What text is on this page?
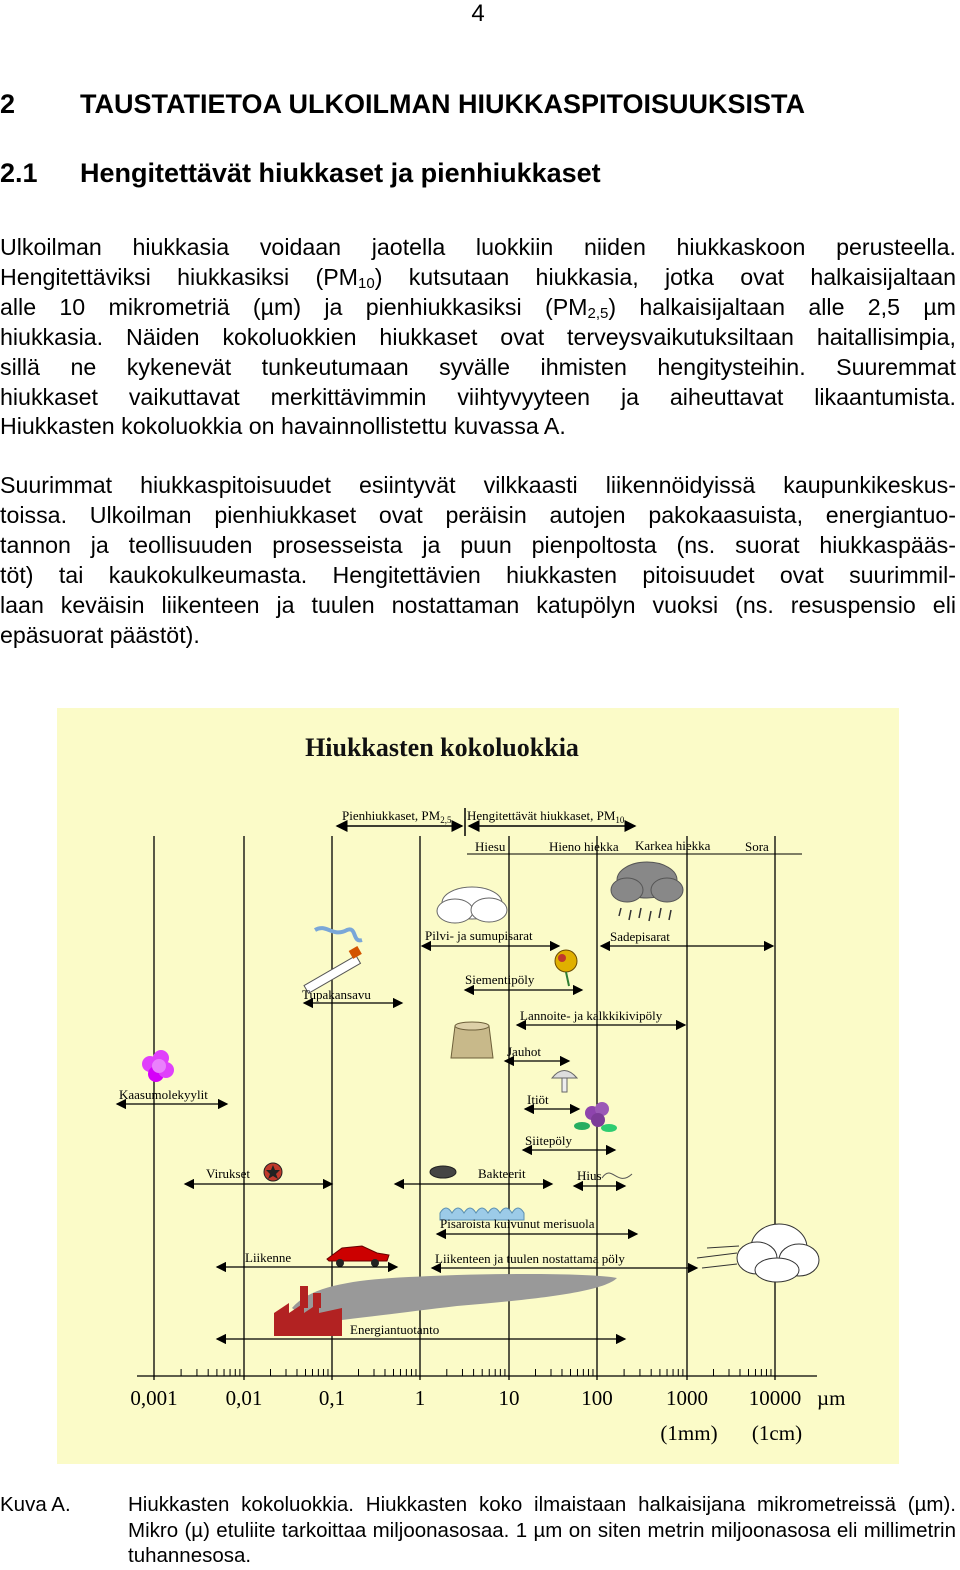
4
2 TAUSTATIETOA ULKOILMAN HIUKKASPITOISUUKSISTA
2.1 Hengitettävät hiukkaset ja pienhiukkaset
Ulkoilman hiukkasia voidaan jaotella luokkiin niiden hiukkaskoon perusteella.
Hengitettäviksi hiukkasiksi $(PM_{10})$ kutsutaan hiukkasia, jotka ovat halkaisijaltaan
alle 10 mikrometriä (µm) ja pienhiukkasiksi $(PM_{2,5})$ halkaisijaltaan alle 2,5 µm
hiukkasia. Näiden kokoluokkien hiukkaset ovat terveysvaikutuksiltaan haitallisimpia,
sillä ne kykenevät tunkeutumaan syvälle ihmisten hengitysteihin. Suuremmat
hiukkaset vaikuttavat merkittävimmin viihtyvyyteen ja aiheuttavat likaantumista.
Hiukkasten kokoluokkia on havainnollistettu kuvassa A.
Suurimmat hiukkaspitoisuudet esiintyvät vilkkaasti liikennöidyissä kaupunkikeskus-
toissa. Ulkoilman pienhiukkaset ovat peräisin autojen pakokaasuista, energiantuo-
tannon ja teollisuuden prosesseista ja puun pienpoltosta (ns. suorat hiukkaspääs-
töt) tai kaukokulkeumasta. Hengitettävien hiukkasten pitoisuudet ovat suurimmil-
laan keväisin liikenteen ja tuulen nostattaman katupölyn vuoksi (ns. resuspensio eli
epäsuorat päästöt).
Hiukkasten kokoluokkia
Pienhiukkaset, $PM_{2,5}$ Hengitettävät hiukkaset, $PM_{10}$
Hiesu	Hieno hiekka Karkea hiekka	Sora
Pilvi- ja sumupisarat	Sadepisarat
Siementipöly
Tupakansavu
Lannoite- ja kalkkikivipöly
Jauhot
Kaasumolekyylit	Itiöt
Siitepöly
Virukset	Bakteerit	Hius
Pisaroista kuivunut merisuola
Liikenne	Liikenteen ja tuulen nostattama pöly
Energiantuotanto
0,001 0,01	0,1	1	10	100	1000 10000 µm
(1mm) (1cm)
Kuva A.	Hiukkasten kokoluokkia. Hiukkasten koko ilmaistaan halkaisijana mikrometreissä (µm). Mikro (µ) etuliite tarkoittaa miljoonasosaa. 1 µm on siten metrin miljoonasosa eli millimetrin tuhannesosa.
